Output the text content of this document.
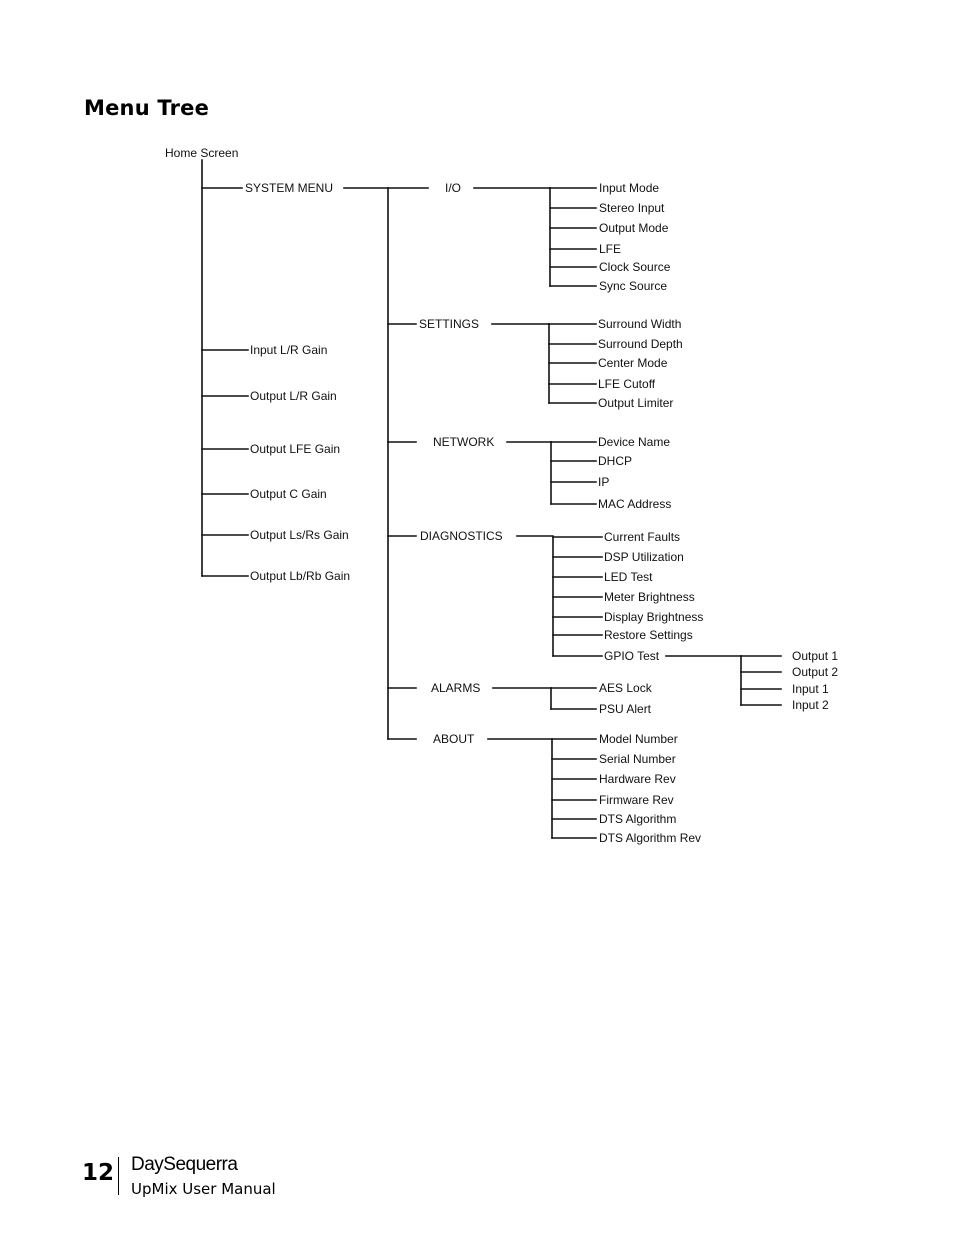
Menu Tree
Home Screen
SYSTEM MENU
Input L/R Gain
Output L/R Gain
Output LFE Gain
Output C Gain
Output Ls/Rs Gain
Output Lb/Rb Gain
I/O	Input Mode
Stereo Input
Output Mode
LFE
Clock Source
Sync Source
SETTINGS	Surround Width
Surround Depth
Center Mode
LFE Cutoff
Output Limiter
NETWORK	Device Name
DHCP
IP
MAC Address
DIAGNOSTICS	Current Faults
DSP Utilization
LED Test
Meter Brightness
Display Brightness
Restore Settings
GPIO Test
ALARMS	AES Lock
PSU Alert
ABOUT	Model Number
Serial Number
Hardware Rev
Firmware Rev
DTS Algorithm
DTS Algorithm Rev
Output 1
Output 2
Input 1
Input 2
12 DaySequerra
UpMix User Manual
